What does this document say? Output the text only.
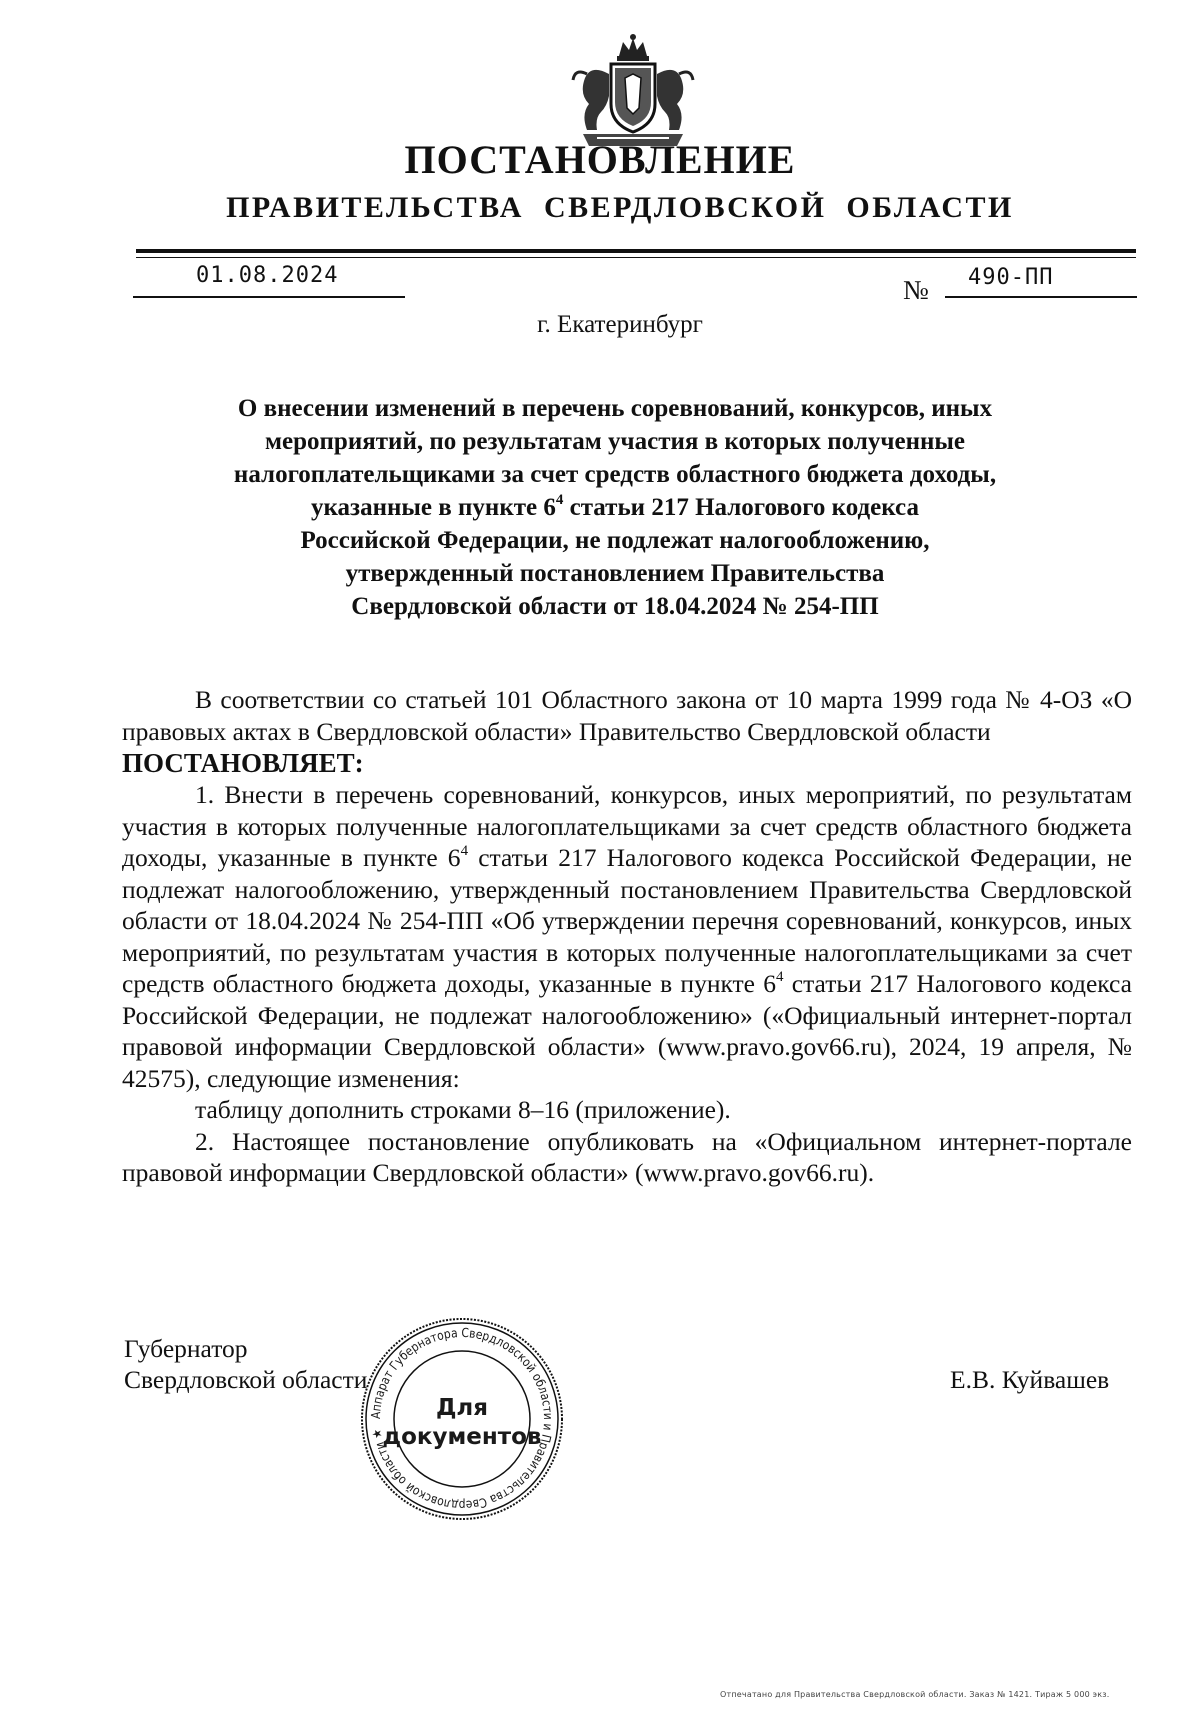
ПОСТАНОВЛЕНИЕ
ПРАВИТЕЛЬСТВА  СВЕРДЛОВСКОЙ  ОБЛАСТИ
01.08.2024	№ 490-ПП
г. Екатеринбург
О внесении изменений в перечень соревнований, конкурсов, иных
мероприятий, по результатам участия в которых полученные
налогоплательщиками за счет средств областного бюджета доходы,
указанные в пункте $6^4$ статьи 217 Налогового кодекса
Российской Федерации, не подлежат налогообложению,
утвержденный постановлением Правительства
Свердловской области от 18.04.2024 № 254-ПП

В соответствии со статьей 101 Областного закона от 10 марта 1999 года № 4-ОЗ «О правовых актах в Свердловской области» Правительство Свердловской области

ПОСТАНОВЛЯЕТ:

1. Внести в перечень соревнований, конкурсов, иных мероприятий, по результатам участия в которых полученные налогоплательщиками за счет средств областного бюджета доходы, указанные в пункте $6^4$ статьи 217 Налогового кодекса Российской Федерации, не подлежат налогообложению, утвержденный постановлением Правительства Свердловской области от 18.04.2024 № 254-ПП «Об утверждении перечня соревнований, конкурсов, иных мероприятий, по результатам участия в которых полученные налогоплательщиками за счет средств областного бюджета доходы, указанные в пункте $6^4$ статьи 217 Налогового кодекса Российской Федерации, не подлежат налогообложению» («Официальный интернет-портал правовой информации Свердловской области» (www.pravo.gov66.ru), 2024, 19 апреля, № 42575), следующие изменения:

таблицу дополнить строками 8–16 (приложение).

2. Настоящее постановление опубликовать на «Официальном интернет-портале правовой информации Свердловской области» (www.pravo.gov66.ru).

Губернатор
Свердловской области	Е.В. Куйвашев
Аппарат Губернатора Свердловской области и Правительства Свердловской области ★
Для
документов
Отпечатано для Правительства Свердловской области. Заказ № 1421. Тираж 5 000 экз.
